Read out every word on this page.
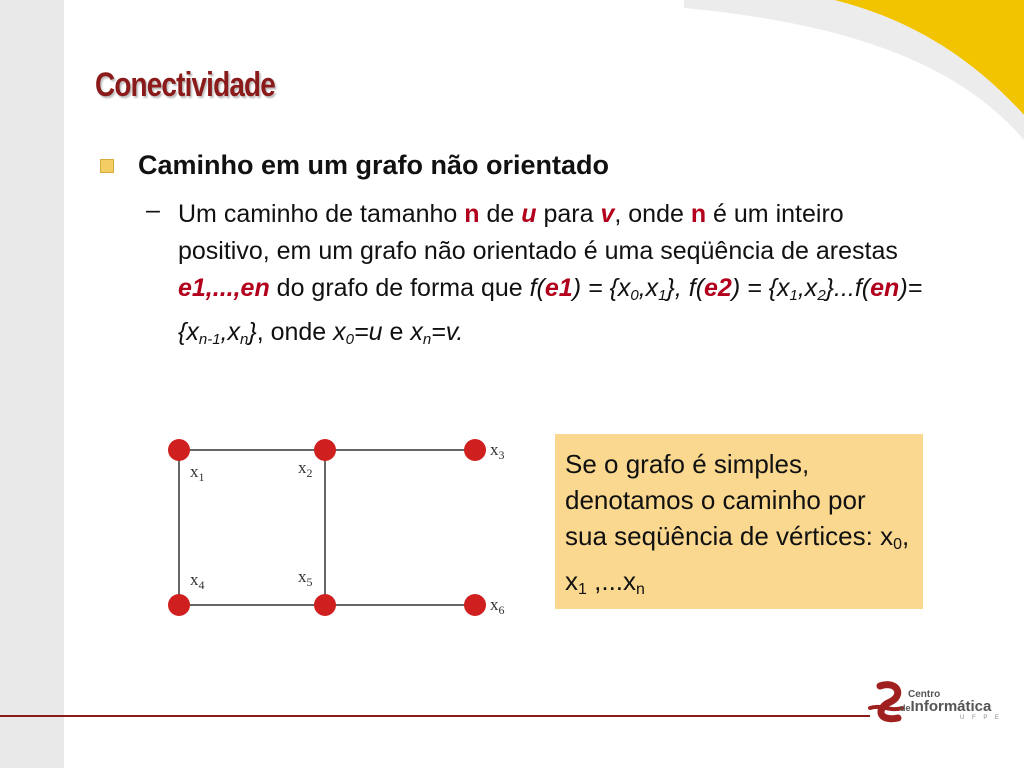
Conectividade
Caminho em um grafo não orientado
– Um caminho de tamanho n de u para v, onde n é um inteiro positivo, em um grafo não orientado é uma seqüência de arestas e1,...,en do grafo de forma que $f(e1) = \{x_0,x_1\}$, $f(e2) = \{x_1,x_2\}...f(en)=\{x_{n-1},x_n\}$, onde $x_0=u$ e $x_n=v$.
$x_1$	$x_2$
$x_3$
$x_4$	$x_5$
$x_6$
Se o grafo é simples, denotamos o caminho por sua seqüência de vértices: $x_0$, $x_1$ $,...x_n$
Centro
deInformática
U F P E
